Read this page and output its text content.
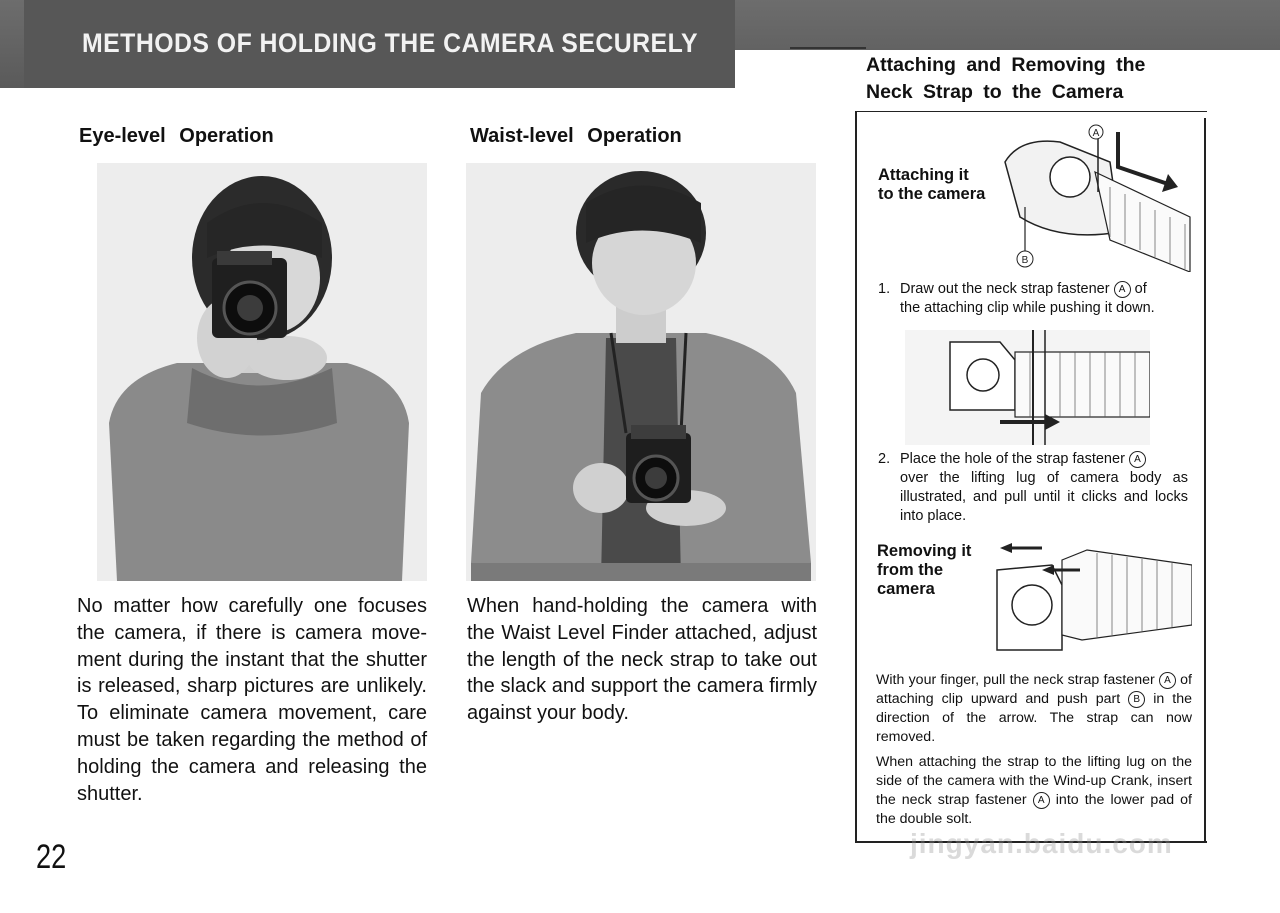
METHODS OF HOLDING THE CAMERA SECURELY
Attaching and Removing the Neck Strap to the Camera
Eye-level Operation
No matter how carefully one focuses the camera, if there is camera move-ment during the instant that the shutter is released, sharp pictures are unlikely. To eliminate camera movement, care must be taken regarding the method of holding the camera and releasing the shutter.
Waist-level Operation
When hand-holding the camera with the Waist Level Finder attached, adjust the length of the neck strap to take out the slack and support the camera firmly against your body.
22
Attaching it
to the camera
A
B
1. Draw out the neck strap fastener A of
the attaching clip while pushing it down.
2. Place the hole of the strap fastener A
over the lifting lug of camera body as illustrated, and pull until it clicks and locks into place.
Removing it from the camera
With your finger, pull the neck strap fastener A of attaching clip upward and push part B in the direction of the arrow. The strap can now removed.
When attaching the strap to the lifting lug on the side of the camera with the Wind-up Crank, insert the neck strap fastener A into the lower pad of the double solt.
jingyan.baidu.com
